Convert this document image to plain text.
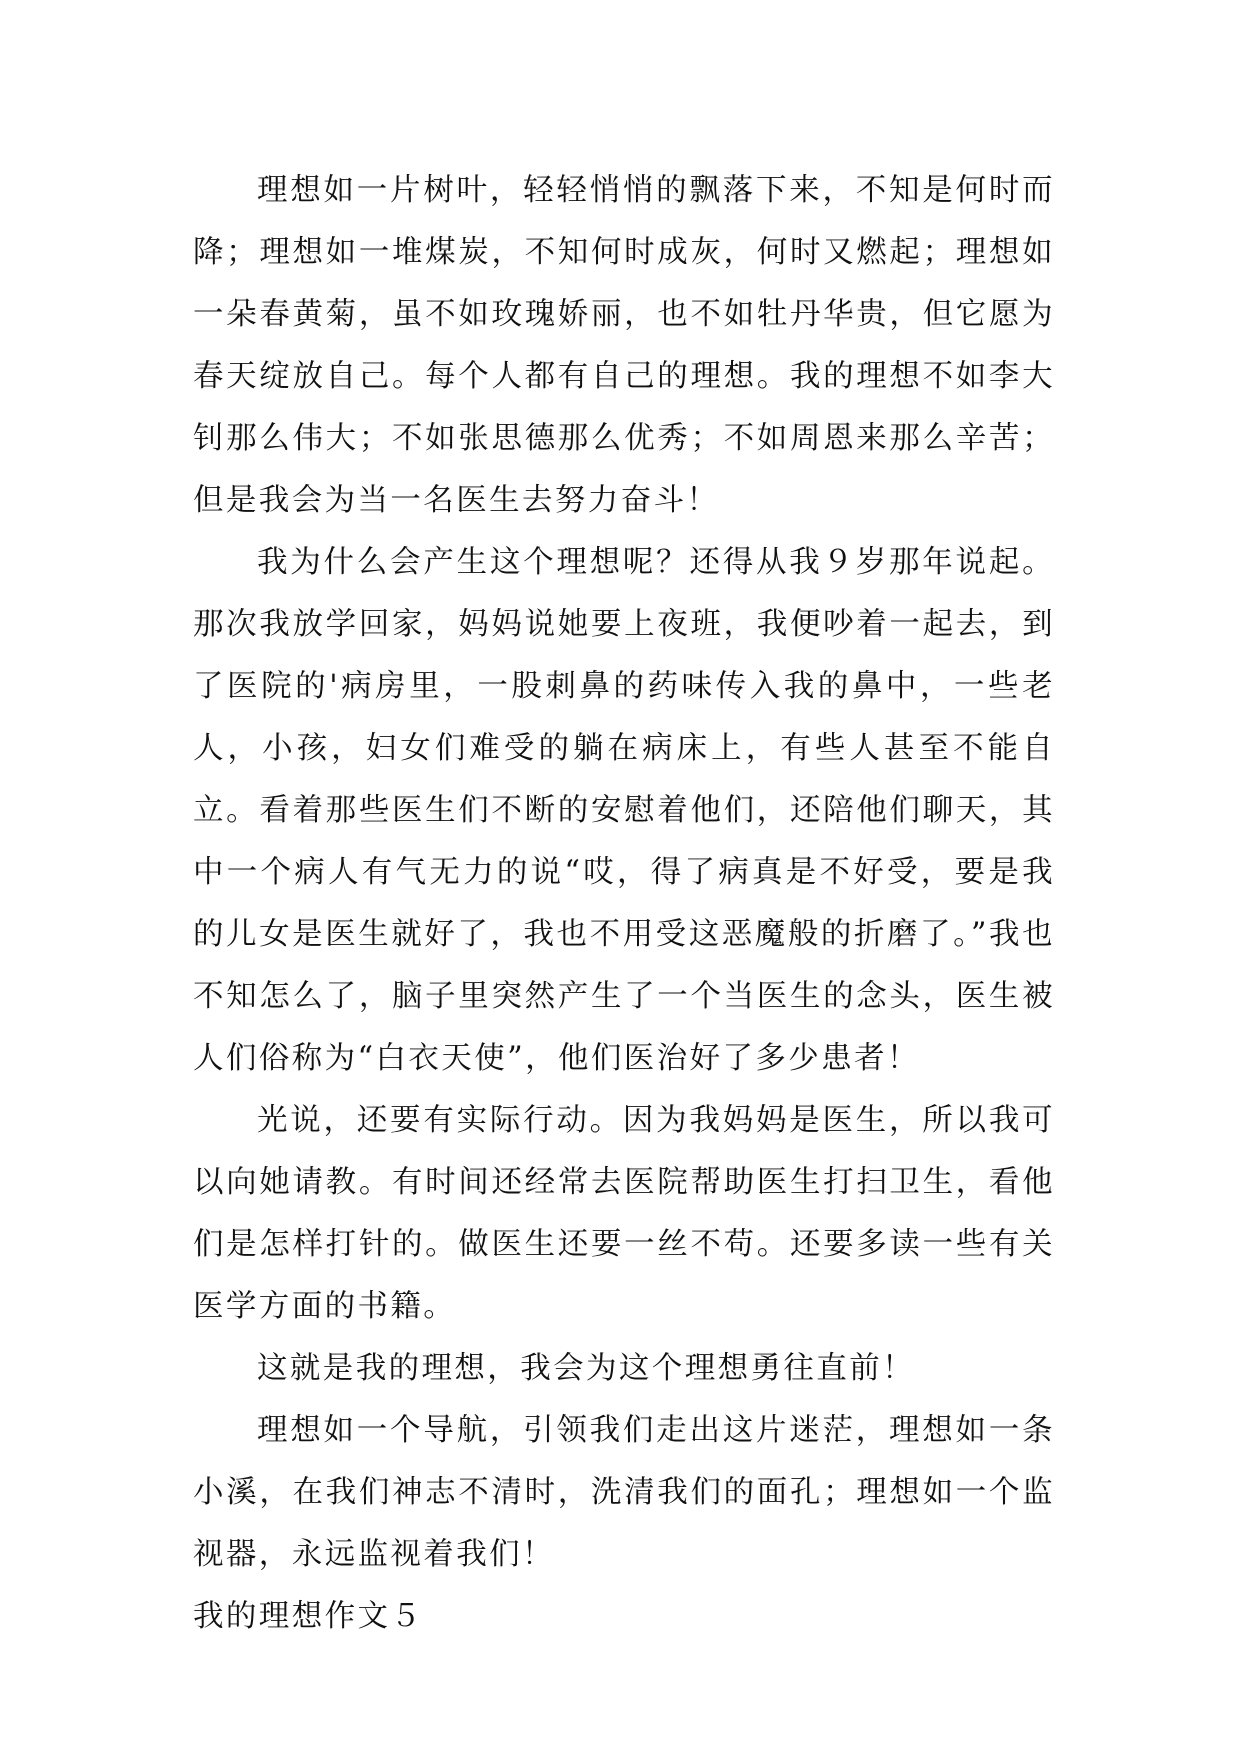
理想如一片树叶，轻轻悄悄的飘落下来，不知是何时而降；理想如一堆煤炭，不知何时成灰，何时又燃起；理想如一朵春黄菊，虽不如玫瑰娇丽，也不如牡丹华贵，但它愿为春天绽放自己。每个人都有自己的理想。我的理想不如李大钊那么伟大；不如张思德那么优秀；不如周恩来那么辛苦；但是我会为当一名医生去努力奋斗！

我为什么会产生这个理想呢？还得从我９岁那年说起。那次我放学回家，妈妈说她要上夜班，我便吵着一起去，到了医院的'病房里，一股刺鼻的药味传入我的鼻中，一些老人，小孩，妇女们难受的躺在病床上，有些人甚至不能自立。看着那些医生们不断的安慰着他们，还陪他们聊天，其中一个病人有气无力的说“哎，得了病真是不好受，要是我的儿女是医生就好了，我也不用受这恶魔般的折磨了。”我也不知怎么了，脑子里突然产生了一个当医生的念头，医生被人们俗称为“白衣天使”，他们医治好了多少患者！

光说，还要有实际行动。因为我妈妈是医生，所以我可以向她请教。有时间还经常去医院帮助医生打扫卫生，看他们是怎样打针的。做医生还要一丝不苟。还要多读一些有关医学方面的书籍。

这就是我的理想，我会为这个理想勇往直前！

理想如一个导航，引领我们走出这片迷茫，理想如一条小溪，在我们神志不清时，洗清我们的面孔；理想如一个监视器，永远监视着我们！

我的理想作文５
